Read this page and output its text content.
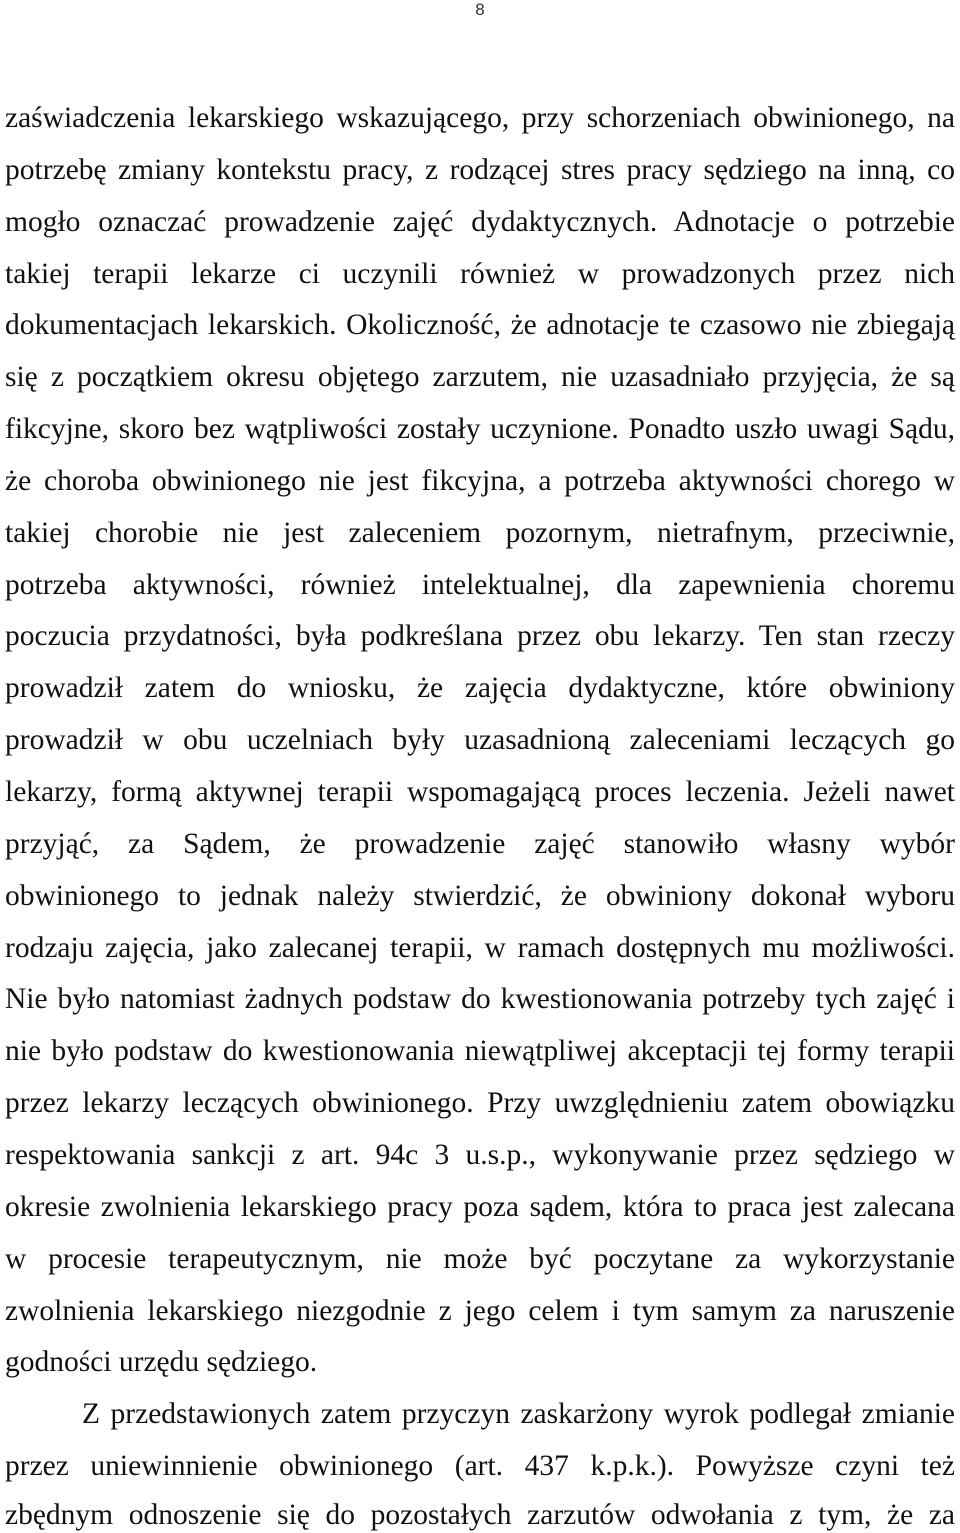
8
zaświadczenia lekarskiego wskazującego, przy schorzeniach obwinionego, na
potrzebę zmiany kontekstu pracy, z rodzącej stres pracy sędziego na inną, co
mogło oznaczać prowadzenie zajęć dydaktycznych. Adnotacje o potrzebie
takiej terapii lekarze ci uczynili również w prowadzonych przez nich
dokumentacjach lekarskich. Okoliczność, że adnotacje te czasowo nie zbiegają
się z początkiem okresu objętego zarzutem, nie uzasadniało przyjęcia, że są
fikcyjne, skoro bez wątpliwości zostały uczynione. Ponadto uszło uwagi Sądu,
że choroba obwinionego nie jest fikcyjna, a potrzeba aktywności chorego w
takiej chorobie nie jest zaleceniem pozornym, nietrafnym, przeciwnie,
potrzeba aktywności, również intelektualnej, dla zapewnienia choremu
poczucia przydatności, była podkreślana przez obu lekarzy. Ten stan rzeczy
prowadził zatem do wniosku, że zajęcia dydaktyczne, które obwiniony
prowadził w obu uczelniach były uzasadnioną zaleceniami leczących go
lekarzy, formą aktywnej terapii wspomagającą proces leczenia. Jeżeli nawet
przyjąć, za Sądem, że prowadzenie zajęć stanowiło własny wybór
obwinionego to jednak należy stwierdzić, że obwiniony dokonał wyboru
rodzaju zajęcia, jako zalecanej terapii, w ramach dostępnych mu możliwości.
Nie było natomiast żadnych podstaw do kwestionowania potrzeby tych zajęć i
nie było podstaw do kwestionowania niewątpliwej akceptacji tej formy terapii
przez lekarzy leczących obwinionego. Przy uwzględnieniu zatem obowiązku
respektowania sankcji z art. 94c 3 u.s.p., wykonywanie przez sędziego w
okresie zwolnienia lekarskiego pracy poza sądem, która to praca jest zalecana
w procesie terapeutycznym, nie może być poczytane za wykorzystanie
zwolnienia lekarskiego niezgodnie z jego celem i tym samym za naruszenie
godności urzędu sędziego.
Z przedstawionych zatem przyczyn zaskarżony wyrok podlegał zmianie
przez uniewinnienie obwinionego (art. 437 k.p.k.). Powyższe czyni też
zbędnym odnoszenie się do pozostałych zarzutów odwołania z tym, że za
